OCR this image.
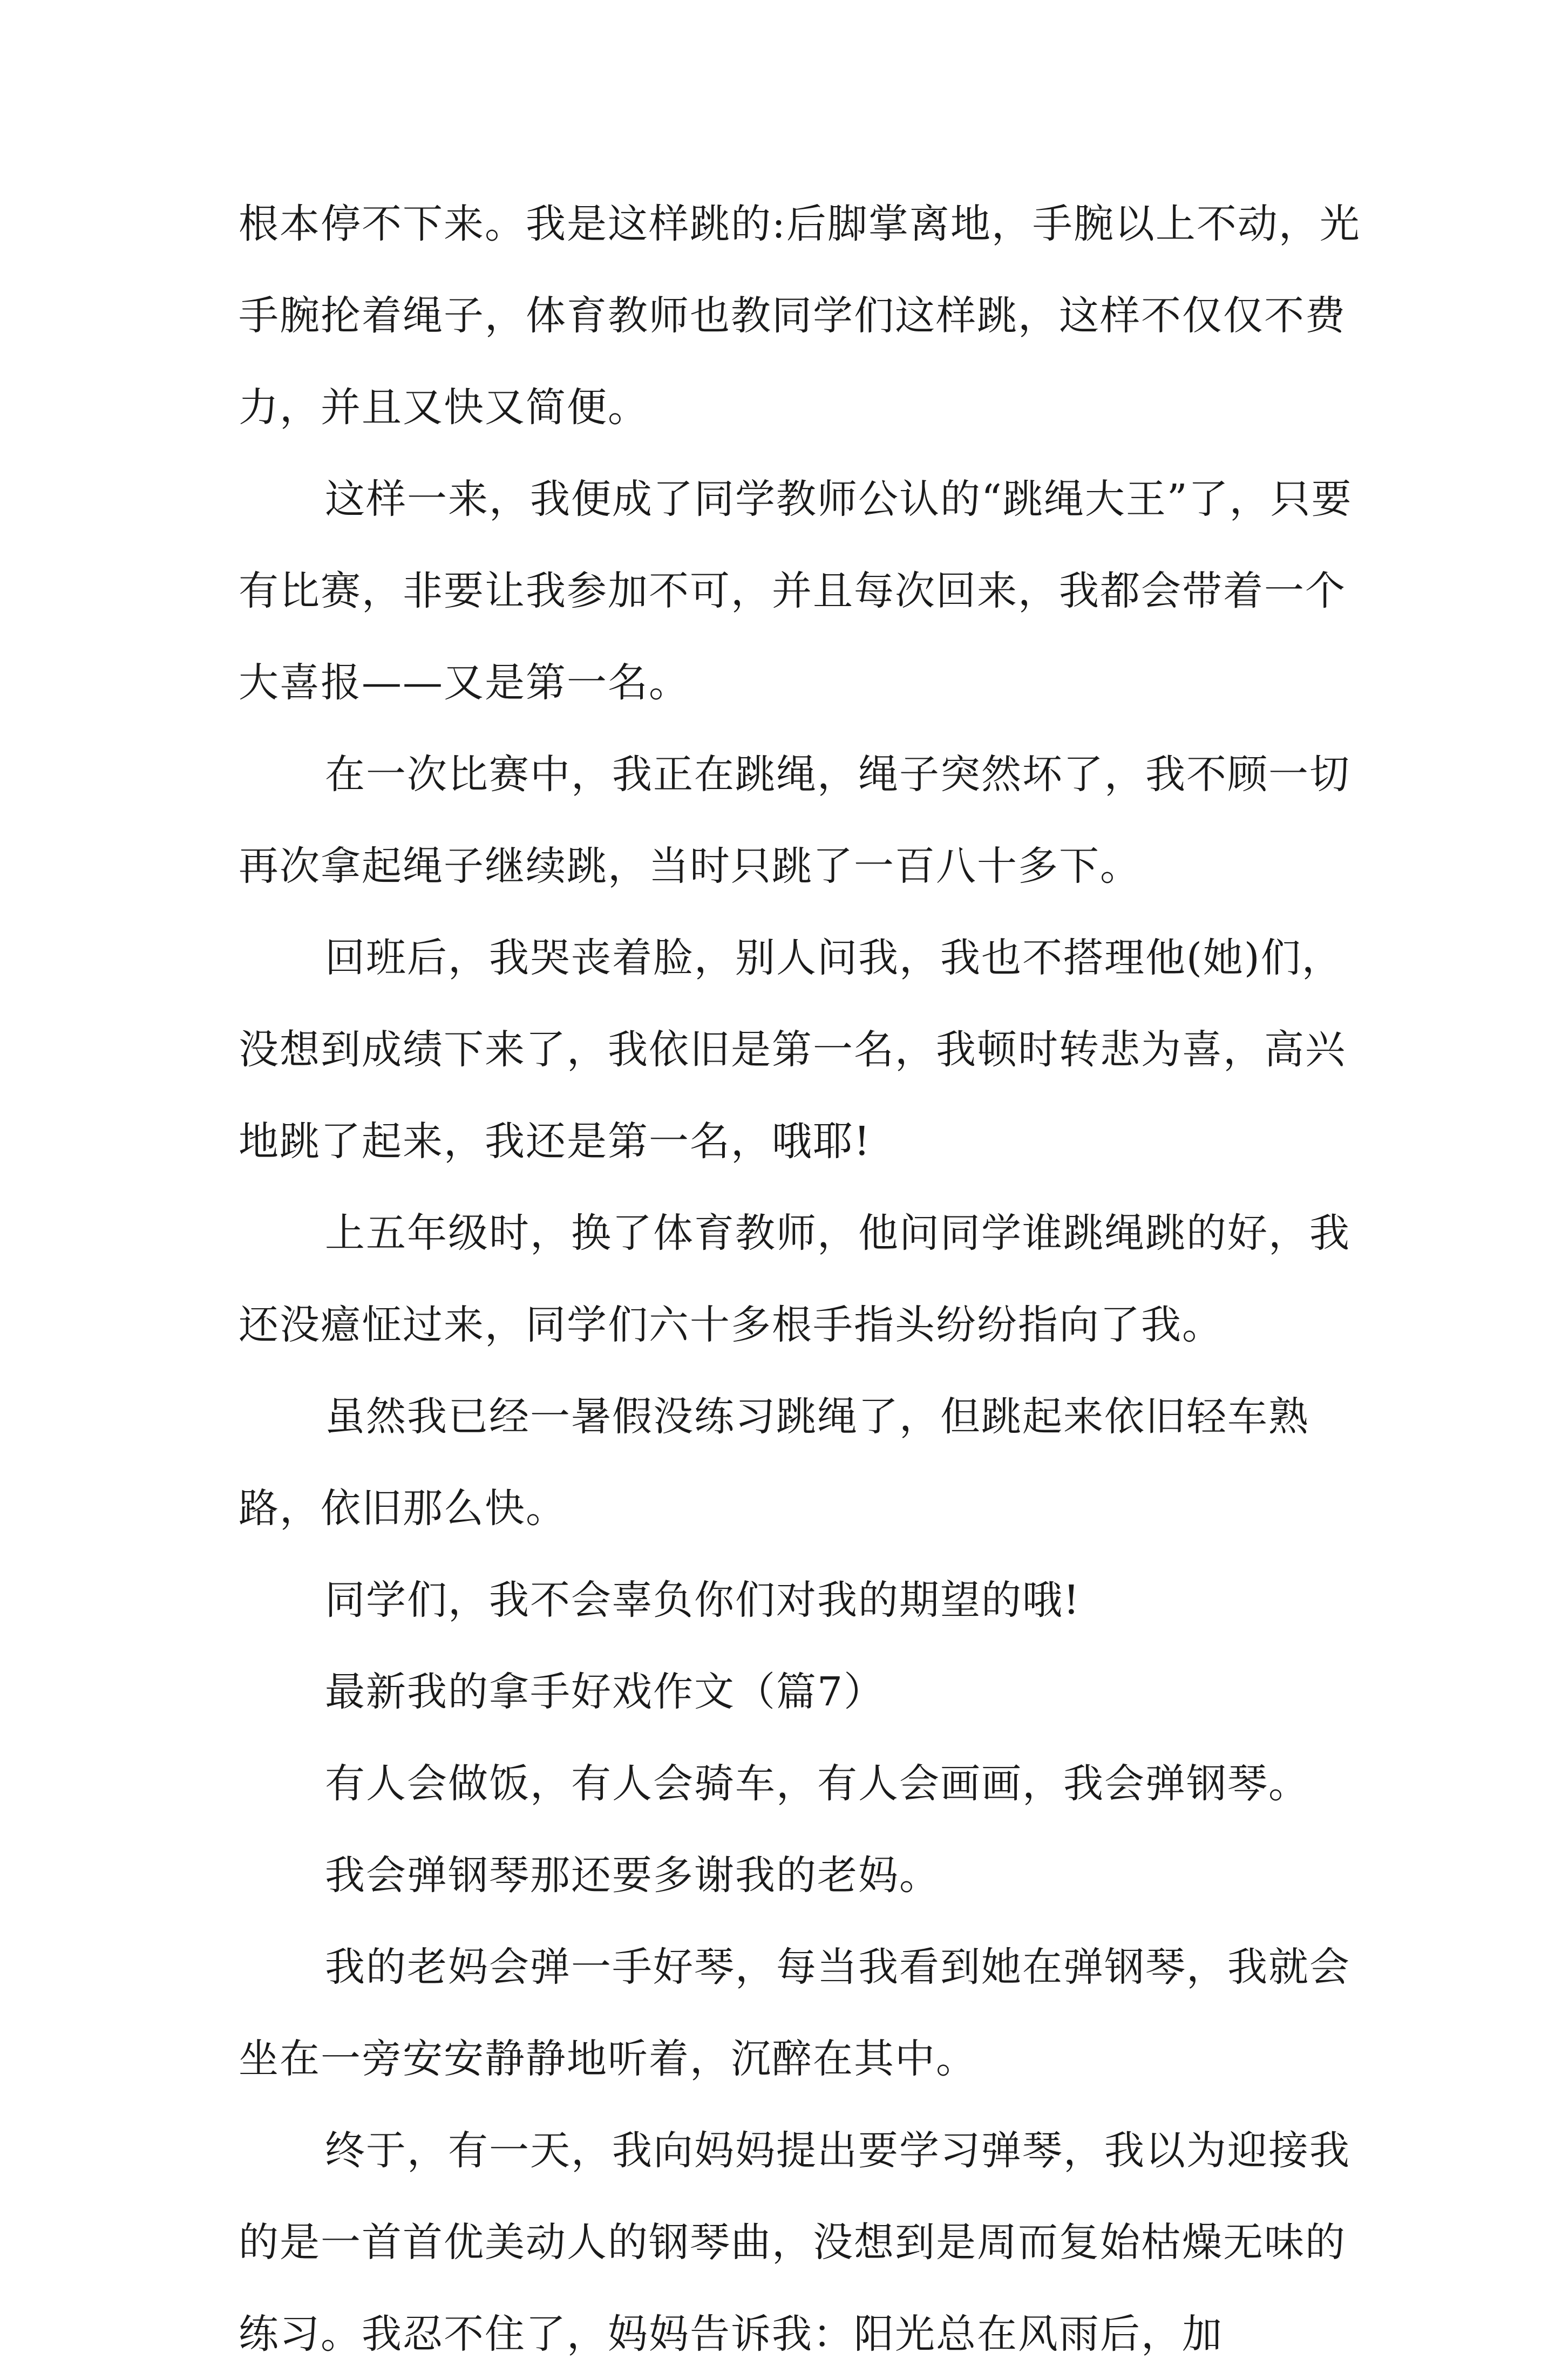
根本停不下来。我是这样跳的:后脚掌离地，手腕以上不动，光手腕抡着绳子，体育教师也教同学们这样跳，这样不仅仅不费力，并且又快又简便。

这样一来，我便成了同学教师公认的“跳绳大王”了，只要有比赛，非要让我参加不可，并且每次回来，我都会带着一个大喜报——又是第一名。

在一次比赛中，我正在跳绳，绳子突然坏了，我不顾一切再次拿起绳子继续跳，当时只跳了一百八十多下。

回班后，我哭丧着脸，别人问我，我也不搭理他(她)们，没想到成绩下来了，我依旧是第一名，我顿时转悲为喜，高兴地跳了起来，我还是第一名，哦耶!

上五年级时，换了体育教师，他问同学谁跳绳跳的好，我还没癔怔过来，同学们六十多根手指头纷纷指向了我。

虽然我已经一暑假没练习跳绳了，但跳起来依旧轻车熟路，依旧那么快。

同学们，我不会辜负你们对我的期望的哦!

最新我的拿手好戏作文（篇7）

有人会做饭，有人会骑车，有人会画画，我会弹钢琴。

我会弹钢琴那还要多谢我的老妈。

我的老妈会弹一手好琴，每当我看到她在弹钢琴，我就会坐在一旁安安静静地听着，沉醉在其中。

终于，有一天，我向妈妈提出要学习弹琴，我以为迎接我的是一首首优美动人的钢琴曲，没想到是周而复始枯燥无味的练习。我忍不住了，妈妈告诉我：阳光总在风雨后，加
